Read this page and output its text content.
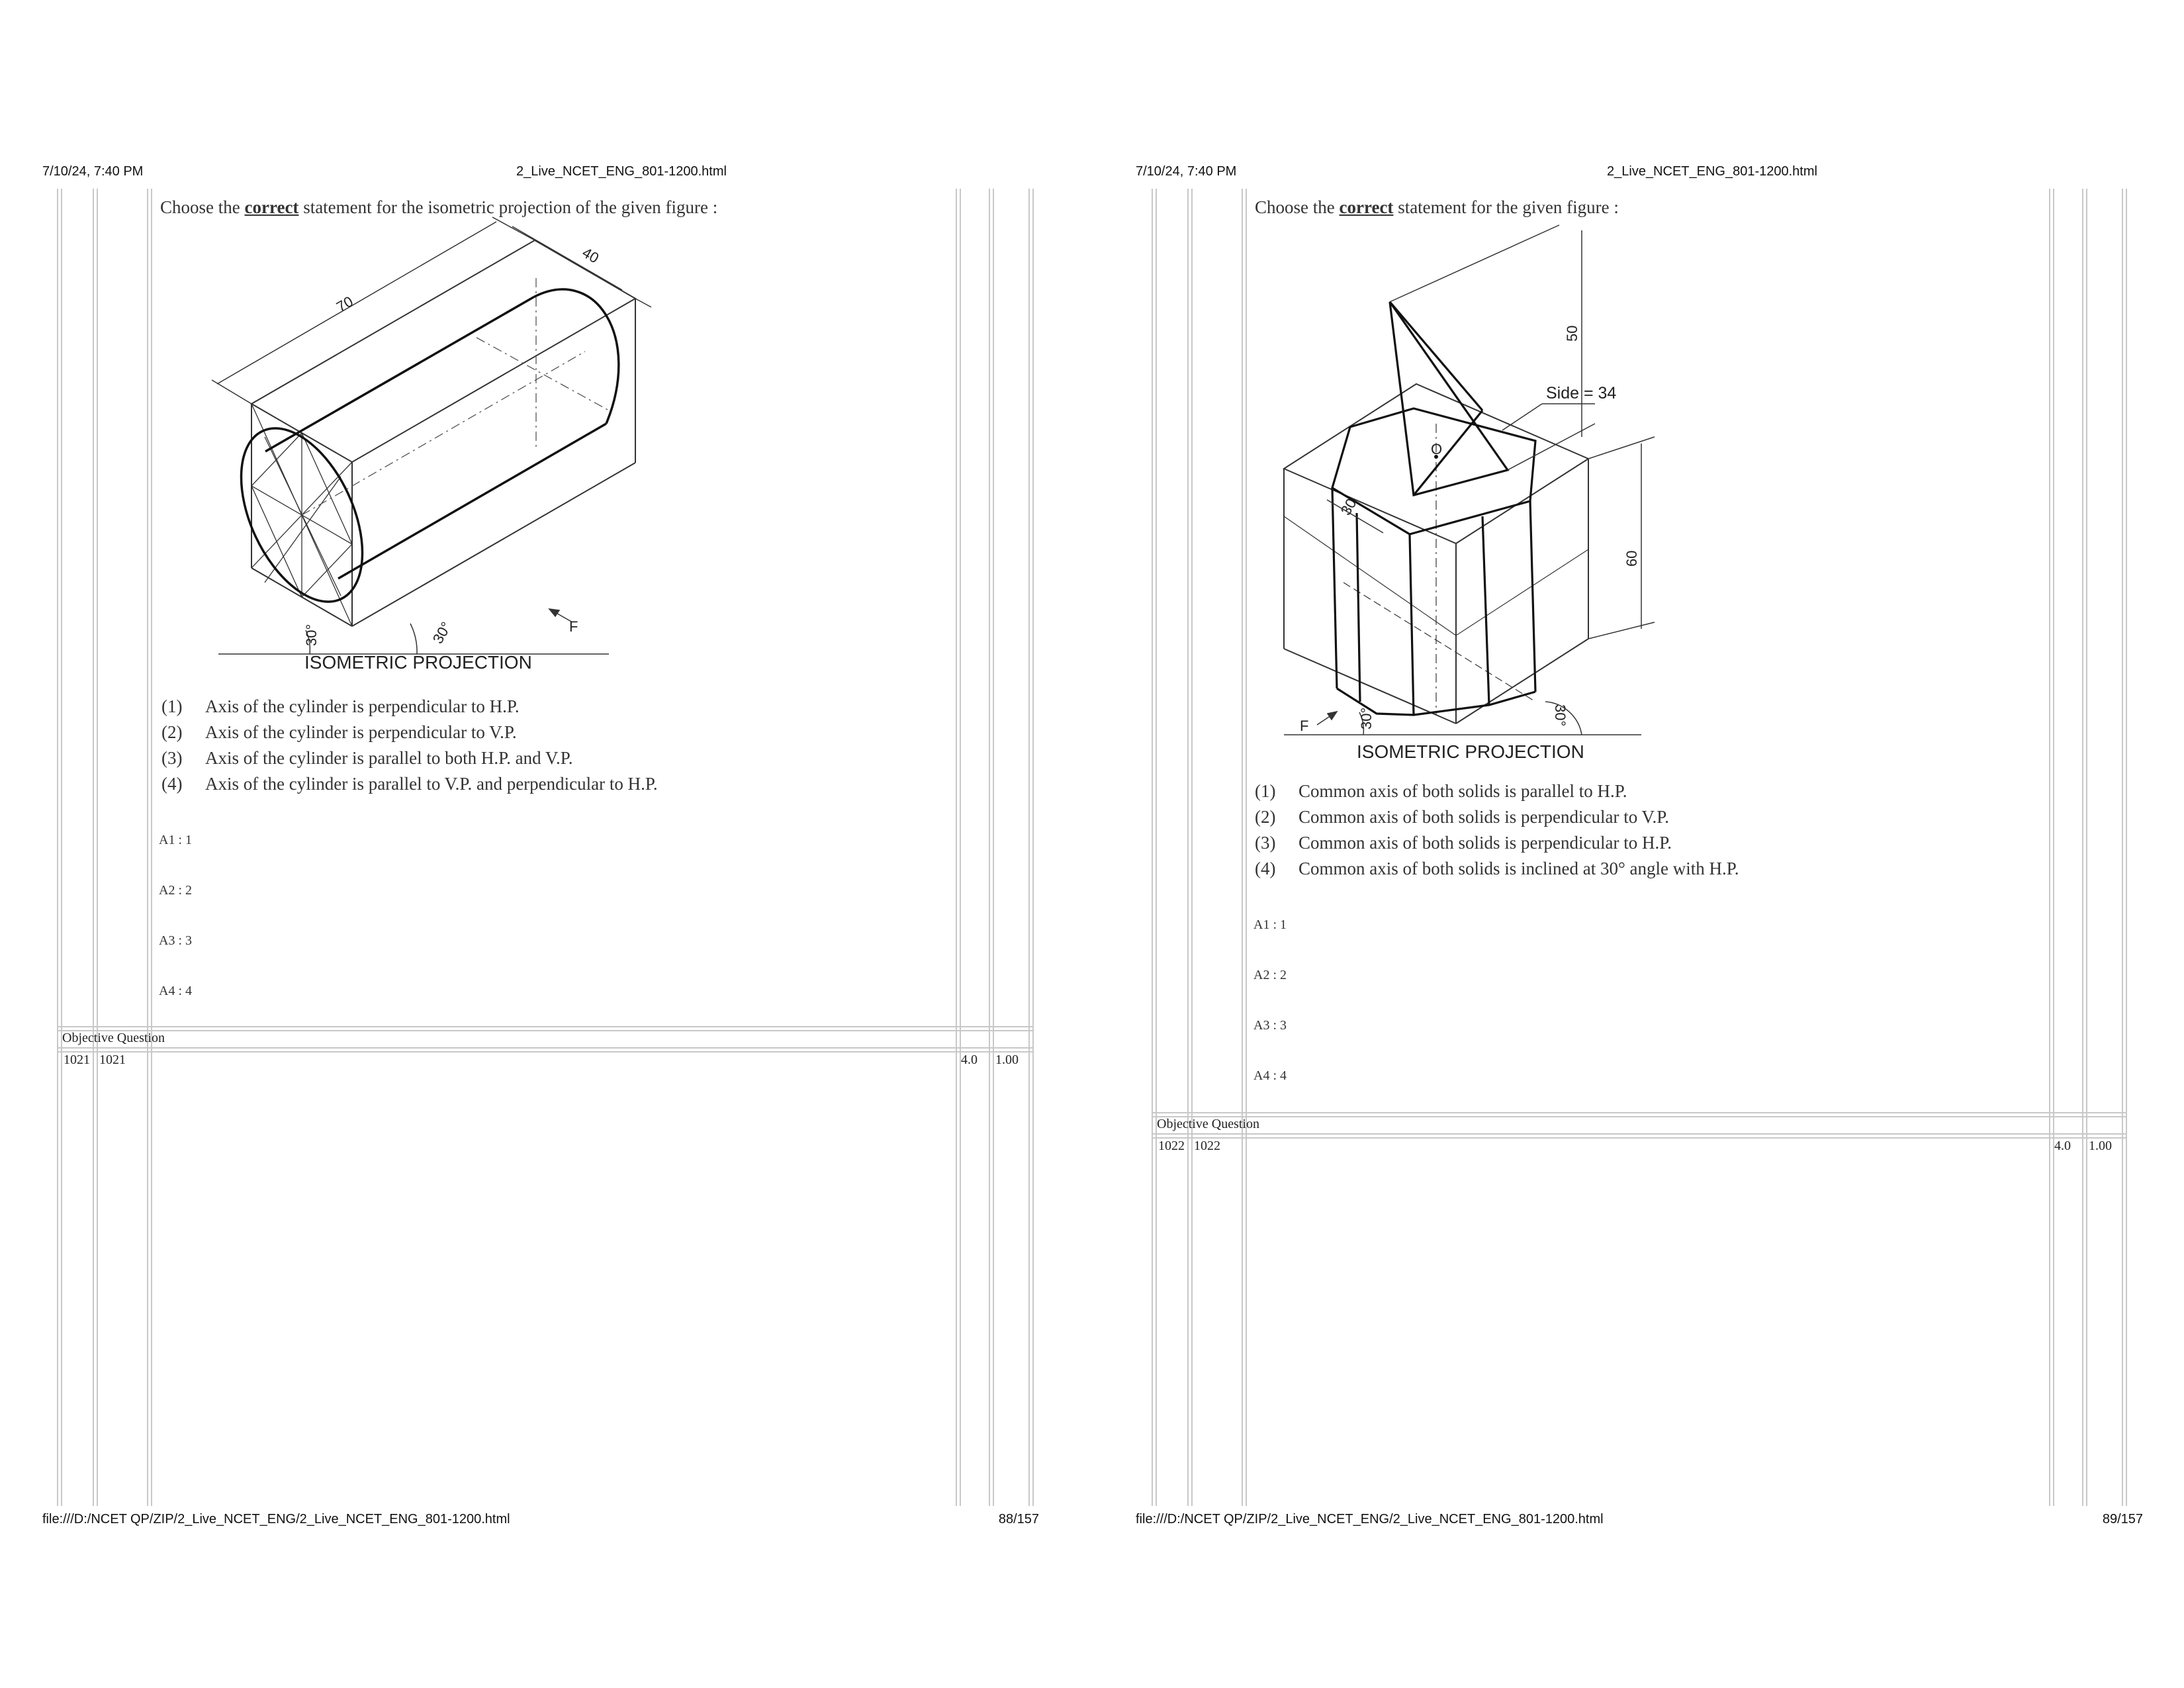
7/10/24, 7:40 PM	2_Live_NCET_ENG_801-1200.html
Choose the correct statement for the isometric projection of the given figure :
70
40
30°	30°	F
ISOMETRIC PROJECTION
(1)	Axis of the cylinder is perpendicular to H.P.
(2)	Axis of the cylinder is perpendicular to V.P.
(3)	Axis of the cylinder is parallel to both H.P. and V.P.
(4)	Axis of the cylinder is parallel to V.P. and perpendicular to H.P.
A1 : 1
A2 : 2
A3 : 3
A4 : 4
Objective Question
1021 1021	4.0 1.00
file:///D:/NCET QP/ZIP/2_Live_NCET_ENG/2_Live_NCET_ENG_801-1200.html	88/157
7/10/24, 7:40 PM	2_Live_NCET_ENG_801-1200.html
Choose the correct statement for the given figure :
50
Side = 34
60
30
O
30°	30°
F
ISOMETRIC PROJECTION
(1)	Common axis of both solids is parallel to H.P.
(2)	Common axis of both solids is perpendicular to V.P.
(3)	Common axis of both solids is perpendicular to H.P.
(4)	Common axis of both solids is inclined at 30° angle with H.P.
A1 : 1
A2 : 2
A3 : 3
A4 : 4
Objective Question
1022 1022	4.0 1.00
file:///D:/NCET QP/ZIP/2_Live_NCET_ENG/2_Live_NCET_ENG_801-1200.html	89/157
